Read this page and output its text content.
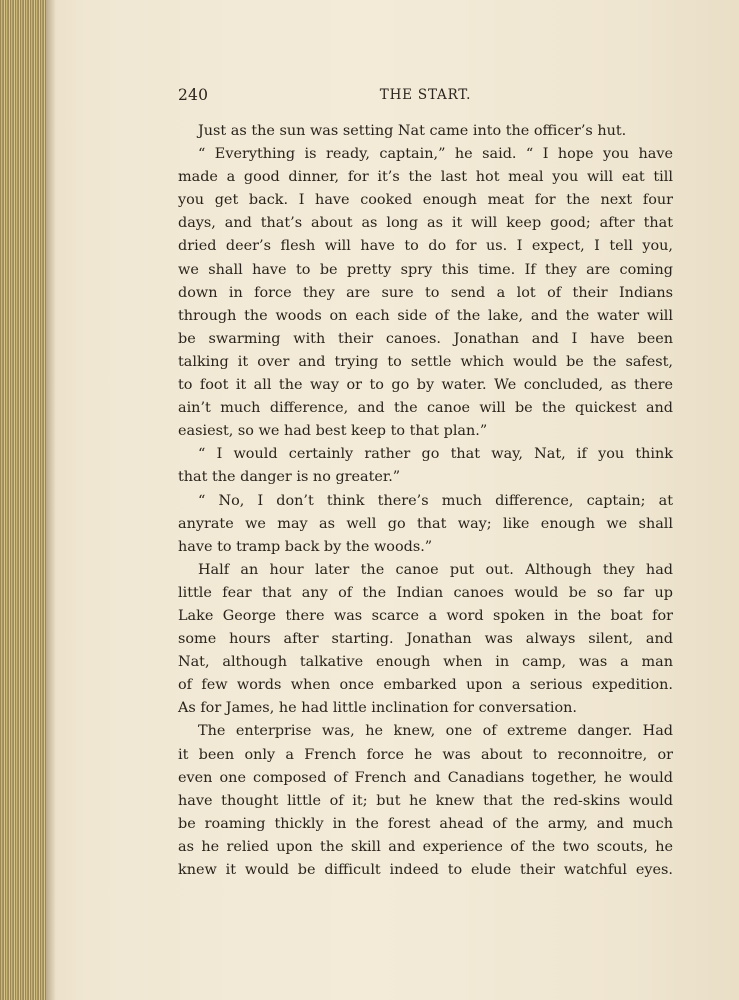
240	THE START.
Just as the sun was setting Nat came into the officer’s hut.
“ Everything is ready, captain,” he said. “ I hope you have
made a good dinner, for it’s the last hot meal you will eat till
you get back. I have cooked enough meat for the next four
days, and that’s about as long as it will keep good; after that
dried deer’s flesh will have to do for us. I expect, I tell you,
we shall have to be pretty spry this time. If they are coming
down in force they are sure to send a lot of their Indians
through the woods on each side of the lake, and the water will
be swarming with their canoes. Jonathan and I have been
talking it over and trying to settle which would be the safest,
to foot it all the way or to go by water. We concluded, as there
ain’t much difference, and the canoe will be the quickest and
easiest, so we had best keep to that plan.”
“ I would certainly rather go that way, Nat, if you think
that the danger is no greater.”
“ No, I don’t think there’s much difference, captain; at
anyrate we may as well go that way; like enough we shall
have to tramp back by the woods.”
Half an hour later the canoe put out. Although they had
little fear that any of the Indian canoes would be so far up
Lake George there was scarce a word spoken in the boat for
some hours after starting. Jonathan was always silent, and
Nat, although talkative enough when in camp, was a man
of few words when once embarked upon a serious expedition.
As for James, he had little inclination for conversation.
The enterprise was, he knew, one of extreme danger. Had
it been only a French force he was about to reconnoitre, or
even one composed of French and Canadians together, he would
have thought little of it; but he knew that the red-skins would
be roaming thickly in the forest ahead of the army, and much
as he relied upon the skill and experience of the two scouts, he
knew it would be difficult indeed to elude their watchful eyes.
